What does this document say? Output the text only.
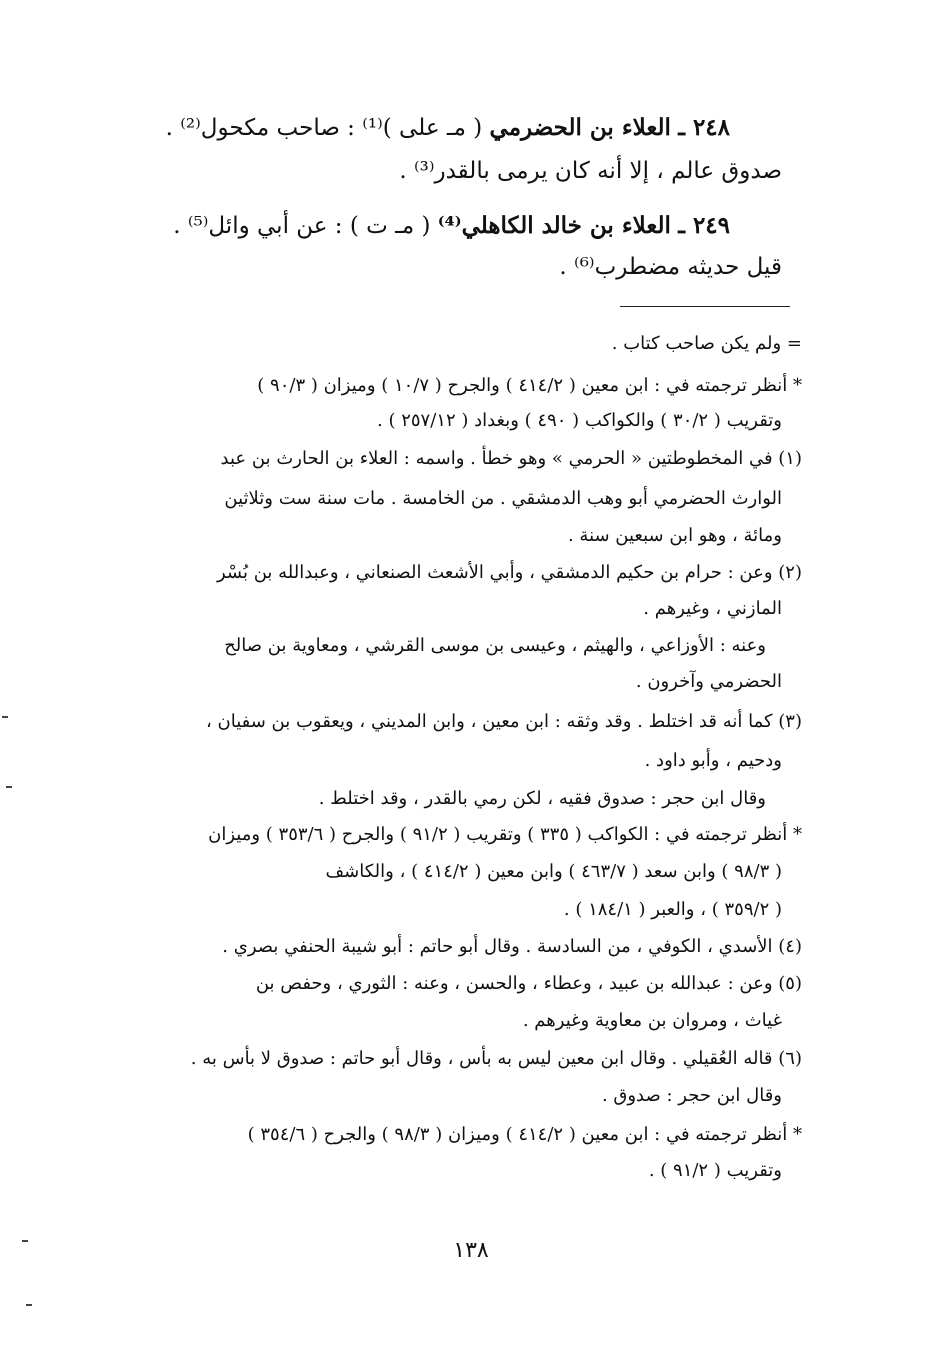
٢٤٨ ـ العلاء بن الحضرمي ( مـ على )⁽¹⁾ : صاحب مكحول⁽²⁾ .
صدوق عالم ، إلا أنه كان يرمى بالقدر⁽³⁾ .
٢٤٩ ـ العلاء بن خالد الكاهلي⁽⁴⁾ ( مـ ت ) : عن أبي وائل⁽⁵⁾ .
قيل حديثه مضطرب⁽⁶⁾ .
= ولم يكن صاحب كتاب .
* أنظر ترجمته في : ابن معين ( ٤١٤/٢ ) والجرح ( ١٠/٧ ) وميزان ( ٩٠/٣ )
وتقريب ( ٣٠/٢ ) والكواكب ( ٤٩٠ ) وبغداد ( ٢٥٧/١٢ ) .
(١) في المخطوطتين « الحرمي » وهو خطأ . واسمه : العلاء بن الحارث بن عبد
الوارث الحضرمي أبو وهب الدمشقي . من الخامسة . مات سنة ست وثلاثين
ومائة ، وهو ابن سبعين سنة .
(٢) وعن : حرام بن حكيم الدمشقي ، وأبي الأشعث الصنعاني ، وعبدالله بن بُسْر
المازني ، وغيرهم .
وعنه : الأوزاعي ، والهيثم ، وعيسى بن موسى القرشي ، ومعاوية بن صالح
الحضرمي وآخرون .
(٣) كما أنه قد اختلط . وقد وثقه : ابن معين ، وابن المديني ، ويعقوب بن سفيان ،
ودحيم ، وأبو داود .
وقال ابن حجر : صدوق فقيه ، لكن رمي بالقدر ، وقد اختلط .
* أنظر ترجمته في : الكواكب ( ٣٣٥ ) وتقريب ( ٩١/٢ ) والجرح ( ٣٥٣/٦ ) وميزان
( ٩٨/٣ ) وابن سعد ( ٤٦٣/٧ ) وابن معين ( ٤١٤/٢ ) ، والكاشف
( ٣٥٩/٢ ) ، والعبر ( ١٨٤/١ ) .
(٤) الأسدي ، الكوفي ، من السادسة . وقال أبو حاتم : أبو شيبة الحنفي بصري .
(٥) وعن : عبدالله بن عبيد ، وعطاء ، والحسن ، وعنه : الثوري ، وحفص بن
غياث ، ومروان بن معاوية وغيرهم .
(٦) قاله العُقيلي . وقال ابن معين ليس به بأس ، وقال أبو حاتم : صدوق لا بأس به .
وقال ابن حجر : صدوق .
* أنظر ترجمته في : ابن معين ( ٤١٤/٢ ) وميزان ( ٩٨/٣ ) والجرح ( ٣٥٤/٦ )
وتقريب ( ٩١/٢ ) .
١٣٨
